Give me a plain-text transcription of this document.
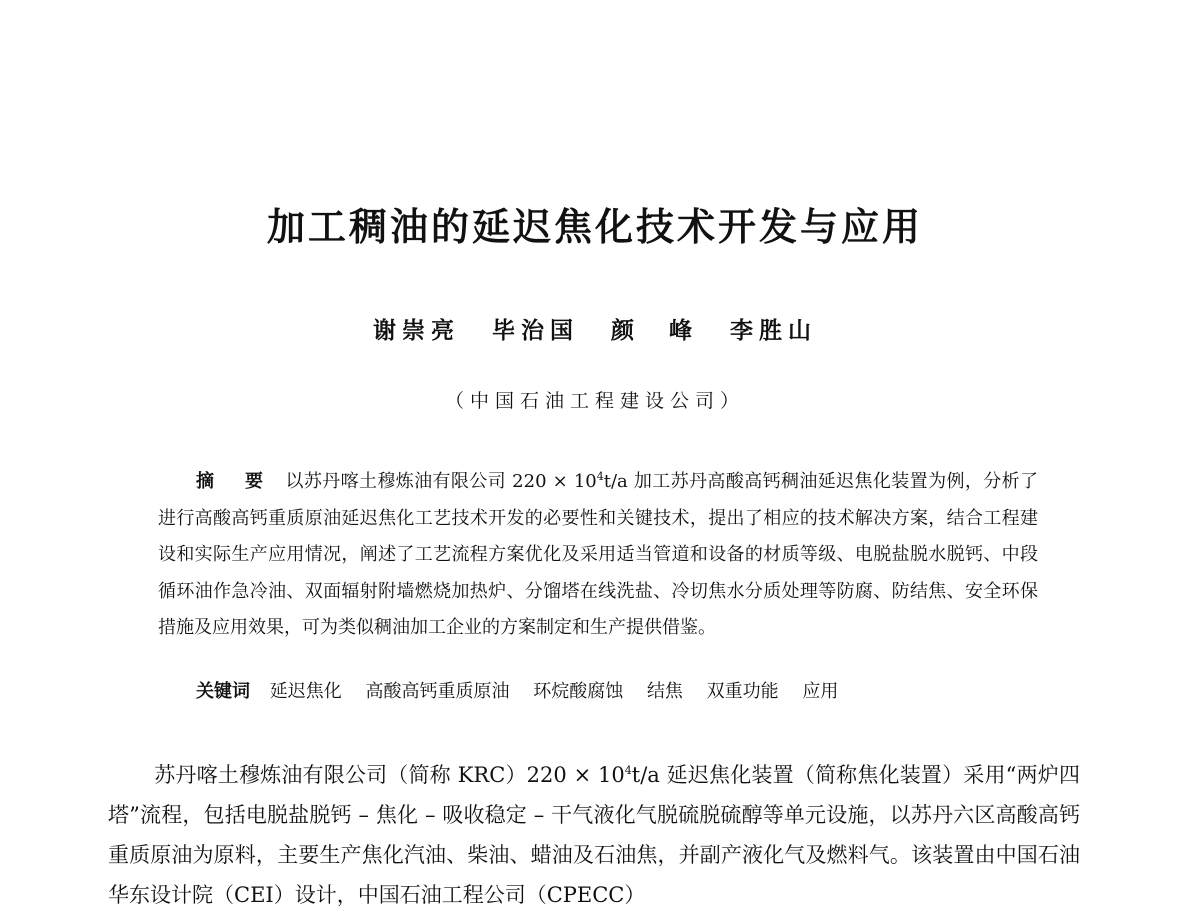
加工稠油的延迟焦化技术开发与应用
谢崇亮 毕治国 颜　峰 李胜山
（中国石油工程建设公司）
摘 要 以苏丹喀土穆炼油有限公司 $220 \times 10^4t/a$ 加工苏丹高酸高钙稠油延迟焦化装置为例，分析了进行高酸高钙重质原油延迟焦化工艺技术开发的必要性和关键技术，提出了相应的技术解决方案，结合工程建设和实际生产应用情况，阐述了工艺流程方案优化及采用适当管道和设备的材质等级、电脱盐脱水脱钙、中段循环油作急冷油、双面辐射附墙燃烧加热炉、分馏塔在线洗盐、冷切焦水分质处理等防腐、防结焦、安全环保措施及应用效果，可为类似稠油加工企业的方案制定和生产提供借鉴。
关键词 延迟焦化 高酸高钙重质原油 环烷酸腐蚀 结焦 双重功能 应用
苏丹喀土穆炼油有限公司（简称 $KRC)220 \times 10^4t/a$ 延迟焦化装置（简称焦化装置）采用“两炉四塔”流程，包括电脱盐脱钙 – 焦化 – 吸收稳定 – 干气液化气脱硫脱硫醇等单元设施，以苏丹六区高酸高钙重质原油为原料，主要生产焦化汽油、柴油、蜡油及石油焦，并副产液化气及燃料气。该装置由中国石油华东设计院（CEI）设计，中国石油工程公司（CPECC）
